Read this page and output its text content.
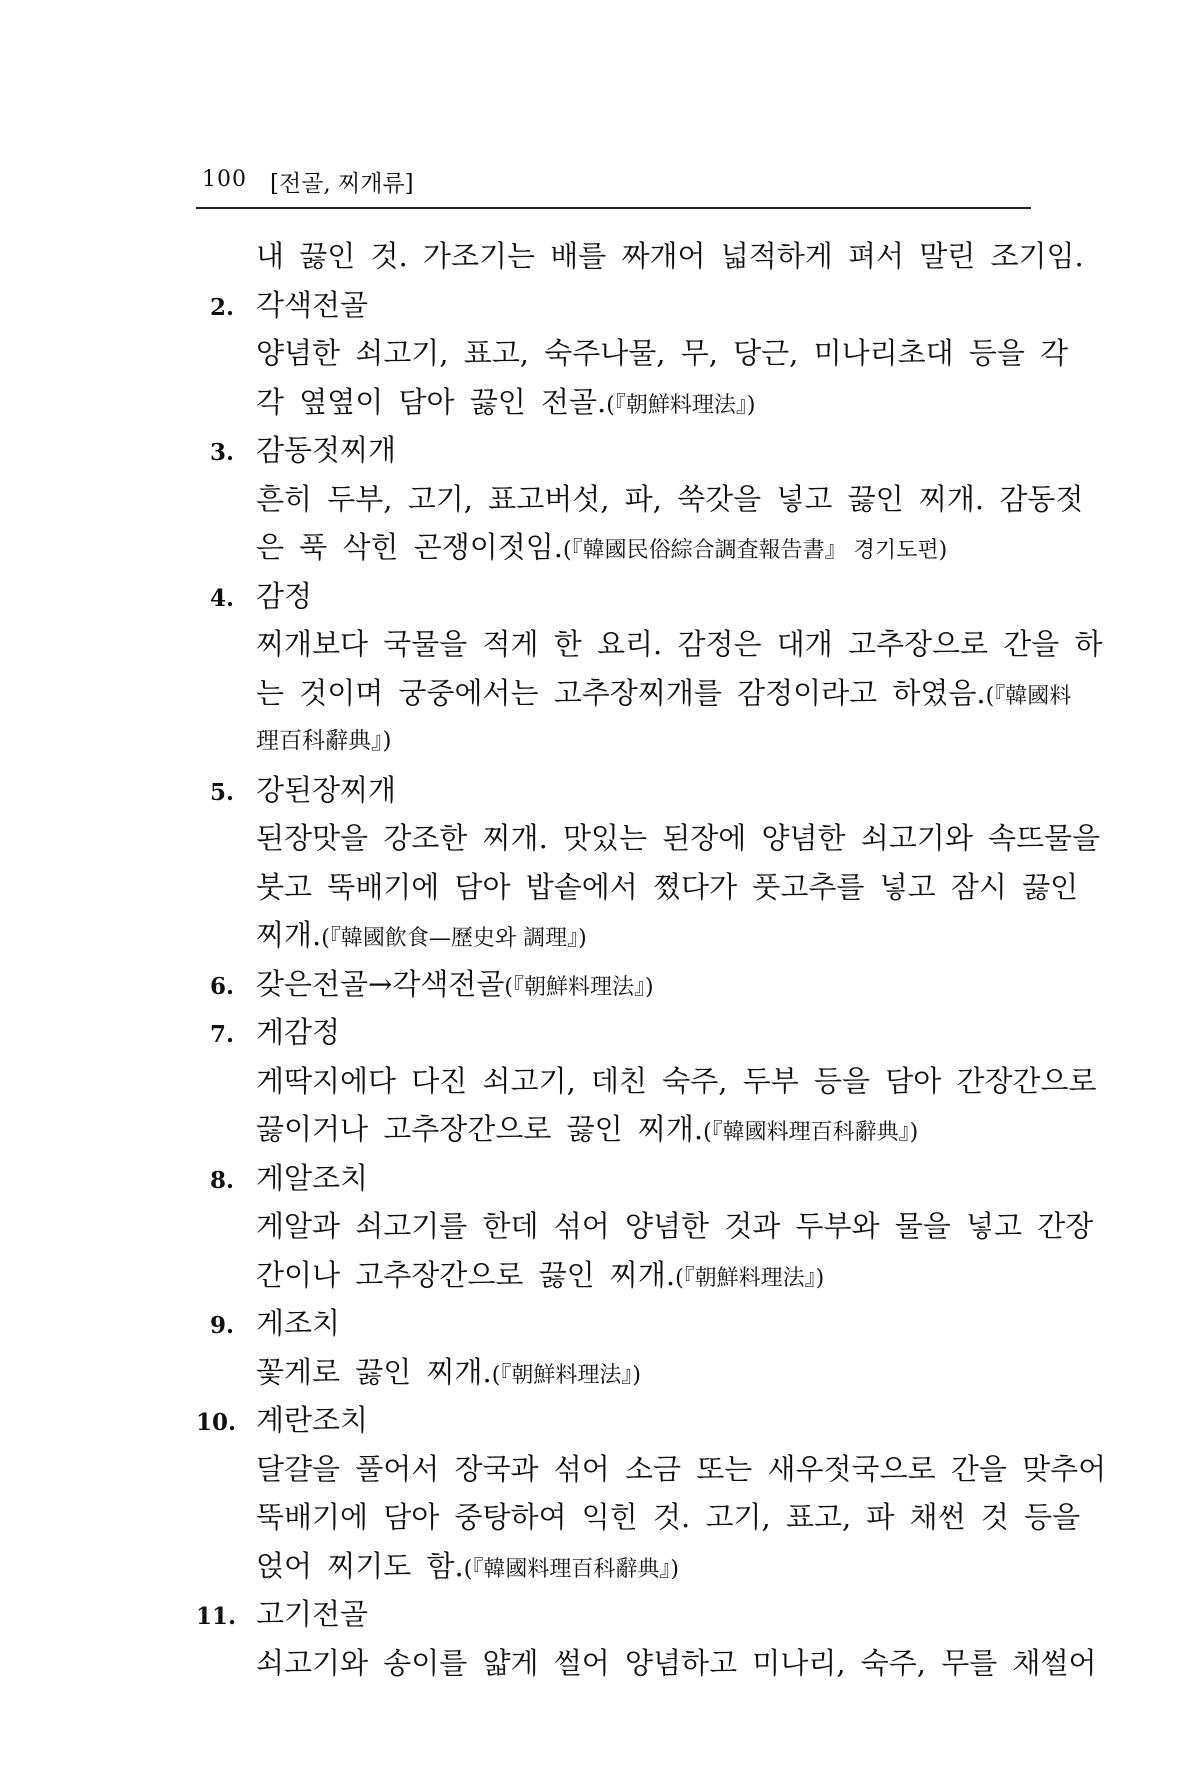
100 [전골, 찌개류]
내 끓인 것. 가조기는 배를 짜개어 넓적하게 펴서 말린 조기임.
2. 각색전골
양념한 쇠고기, 표고, 숙주나물, 무, 당근, 미나리초대 등을 각
각 옆옆이 담아 끓인 전골.(『朝鮮料理法』)
3. 감동젓찌개
흔히 두부, 고기, 표고버섯, 파, 쑥갓을 넣고 끓인 찌개. 감동젓
은 푹 삭힌 곤쟁이젓임.(『韓國民俗綜合調査報告書』 경기도편)
4. 감정
찌개보다 국물을 적게 한 요리. 감정은 대개 고추장으로 간을 하
는 것이며 궁중에서는 고추장찌개를 감정이라고 하였음.(『韓國料
理百科辭典』)
5. 강된장찌개
된장맛을 강조한 찌개. 맛있는 된장에 양념한 쇠고기와 속뜨물을
붓고 뚝배기에 담아 밥솥에서 쪘다가 풋고추를 넣고 잠시 끓인
찌개.(『韓國飮食—歷史와 調理』)
6. 갖은전골→각색전골(『朝鮮料理法』)
7. 게감정
게딱지에다 다진 쇠고기, 데친 숙주, 두부 등을 담아 간장간으로
끓이거나 고추장간으로 끓인 찌개.(『韓國料理百科辭典』)
8. 게알조치
게알과 쇠고기를 한데 섞어 양념한 것과 두부와 물을 넣고 간장
간이나 고추장간으로 끓인 찌개.(『朝鮮料理法』)
9. 게조치
꽃게로 끓인 찌개.(『朝鮮料理法』)
10. 계란조치
달걀을 풀어서 장국과 섞어 소금 또는 새우젓국으로 간을 맞추어
뚝배기에 담아 중탕하여 익힌 것. 고기, 표고, 파 채썬 것 등을
얹어 찌기도 함.(『韓國料理百科辭典』)
11. 고기전골
쇠고기와 송이를 얇게 썰어 양념하고 미나리, 숙주, 무를 채썰어
